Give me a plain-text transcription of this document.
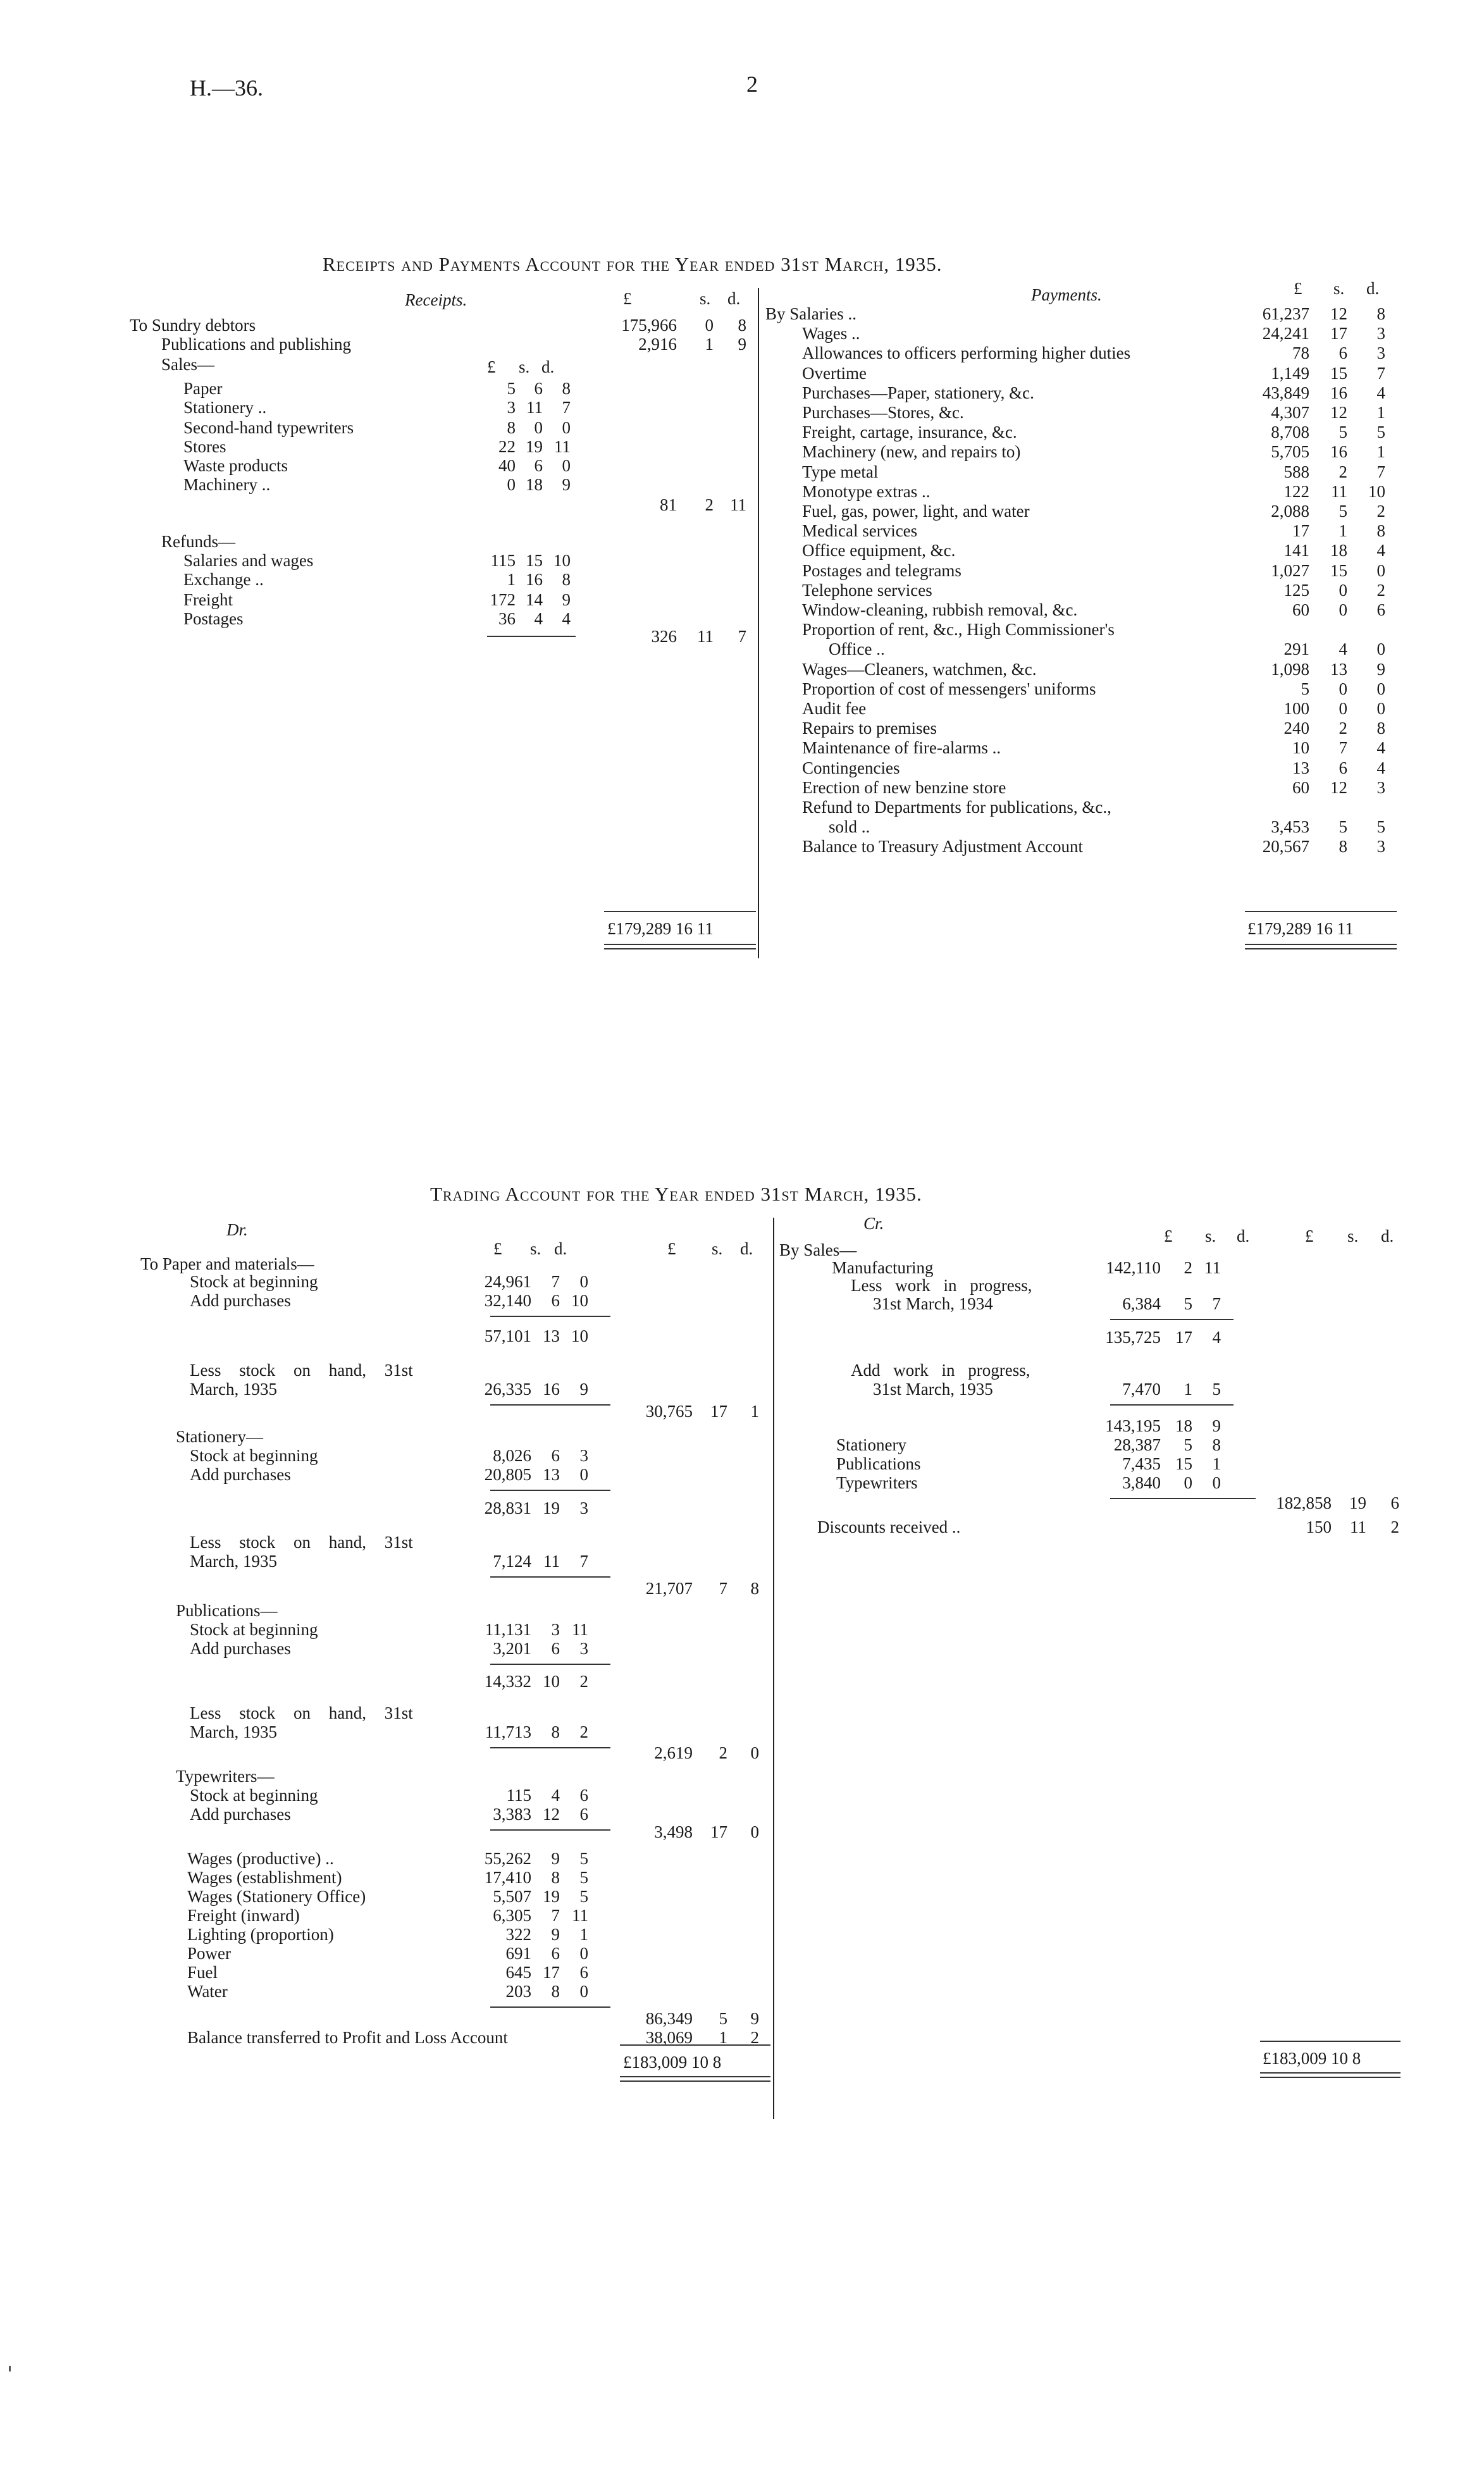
H.—36.	2
Receipts and Payments Account for the Year ended 31st March, 1935.
Receipts.	Payments.
£	s. d.
£ s. d.
£ s. d.
To Sundry debtors	175,966	0	8
Publications and publishing	2,916	1	9
Sales—
Paper	5	6	8
Stationery ..	3 11	7
Second-hand typewriters	8	0	0
Stores	22 19 11
Waste products	40	6	0
Machinery ..	0 18	9
81	2 11
Refunds—
Salaries and wages	115 15 10
Exchange ..	1 16	8
Freight	172 14	9
Postages	36	4	4
326	11	7
£179,289 16 11
By Salaries ..	61,237	12	8
Wages ..	24,241	17	3
Allowances to officers performing higher duties	78	6	3
Overtime	1,149	15	7
Purchases—Paper, stationery, &c.	43,849	16	4
Purchases—Stores, &c.	4,307	12	1
Freight, cartage, insurance, &c.	8,708	5	5
Machinery (new, and repairs to)	5,705	16	1
Type metal	588	2	7
Monotype extras ..	122	11	10
Fuel, gas, power, light, and water	2,088	5	2
Medical services	17	1	8
Office equipment, &c.	141	18	4
Postages and telegrams	1,027	15	0
Telephone services	125	0	2
Window-cleaning, rubbish removal, &c.	60	0	6
Proportion of rent, &c., High Commissioner's
Office ..	291	4	0
Wages—Cleaners, watchmen, &c.	1,098	13	9
Proportion of cost of messengers' uniforms	5	0	0
Audit fee	100	0	0
Repairs to premises	240	2	8
Maintenance of fire-alarms ..	10	7	4
Contingencies	13	6	4
Erection of new benzine store	60	12	3
Refund to Departments for publications, &c.,
sold ..	3,453	5	5
Balance to Treasury Adjustment Account	20,567	8	3
£179,289 16 11
Trading Account for the Year ended 31st March, 1935.
Dr.	Cr.
£ s. d.	£ s. d.
£ s. d.	£ s. d.
To Paper and materials—
Stock at beginning	24,961	7	0
Add purchases	32,140	6 10
57,101 13 10
Less stock on hand, 31st
March, 1935	26,335 16	9
30,765	17	1
Stationery—
Stock at beginning	8,026	6	3
Add purchases	20,805 13	0
28,831 19	3
Less stock on hand, 31st
March, 1935	7,124 11	7
21,707	7	8
Publications—
Stock at beginning	11,131	3 11
Add purchases	3,201	6	3
14,332 10	2
Less stock on hand, 31st
March, 1935	11,713	8	2
2,619	2	0
Typewriters—
Stock at beginning	115	4	6
Add purchases	3,383 12	6
3,498	17	0
Wages (productive) ..	55,262	9	5
Wages (establishment)	17,410	8	5
Wages (Stationery Office)	5,507 19	5
Freight (inward)	6,305	7 11
Lighting (proportion)	322	9	1
Power	691	6	0
Fuel	645 17	6
Water	203	8	0
86,349	5	9
Balance transferred to Profit and Loss Account	38,069	1	2
By Sales—
Manufacturing	142,110	2 11
Less work in progress,
31st March, 1934	6,384	5	7
135,725 17	4
Add work in progress,
31st March, 1935	7,470	1	5
143,195 18	9
Stationery	28,387	5	8
Publications	7,435 15	1
Typewriters	3,840	0	0
182,858	19	6
Discounts received ..	150	11	2
£183,009 10 8	£183,009 10 8
